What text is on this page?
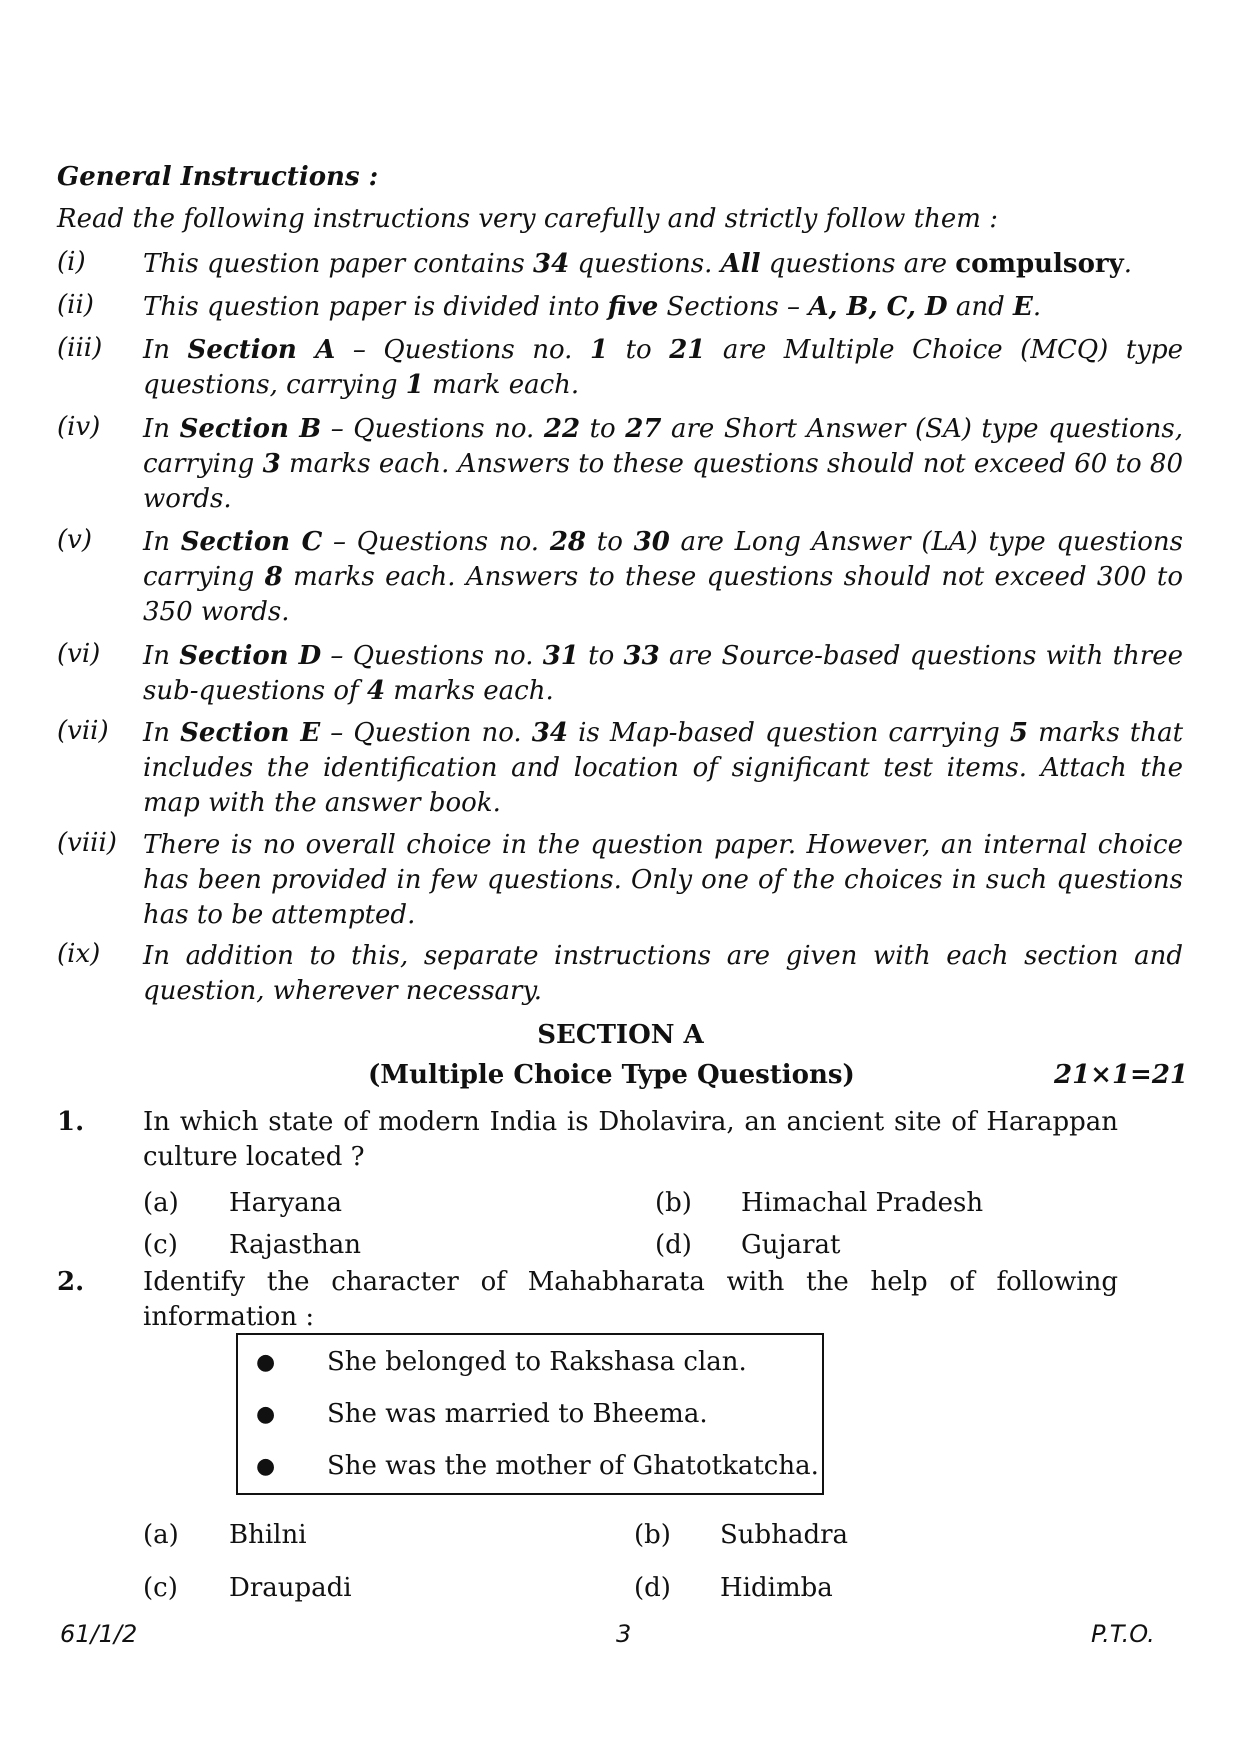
General Instructions :
Read the following instructions very carefully and strictly follow them :
(i)	This question paper contains 34 questions. All questions are compulsory.
(ii)	This question paper is divided into five Sections – A, B, C, D and E.
(iii)	In Section A – Questions no. 1 to 21 are Multiple Choice (MCQ) type questions, carrying 1 mark each.
(iv)	In Section B – Questions no. 22 to 27 are Short Answer (SA) type questions, carrying 3 marks each. Answers to these questions should not exceed 60 to 80 words.
(v)	In Section C – Questions no. 28 to 30 are Long Answer (LA) type questions carrying 8 marks each. Answers to these questions should not exceed 300 to 350 words.
(vi)	In Section D – Questions no. 31 to 33 are Source-based questions with three sub-questions of 4 marks each.
(vii)	In Section E – Question no. 34 is Map-based question carrying 5 marks that includes the identification and location of significant test items. Attach the map with the answer book.
(viii)	There is no overall choice in the question paper. However, an internal choice has been provided in few questions. Only one of the choices in such questions has to be attempted.
(ix)	In addition to this, separate instructions are given with each section and question, wherever necessary.
SECTION A
(Multiple Choice Type Questions)	21×1=21
1. In which state of modern India is Dholavira, an ancient site of Harappan culture located ?
(a) Haryana	(b) Himachal Pradesh
(c) Rajasthan	(d) Gujarat
2. Identify the character of Mahabharata with the help of following information :
● She belonged to Rakshasa clan.
● She was married to Bheema.
● She was the mother of Ghatotkatcha.
(a) Bhilni	(b) Subhadra
(c) Draupadi	(d) Hidimba
61/1/2	3	P.T.O.
